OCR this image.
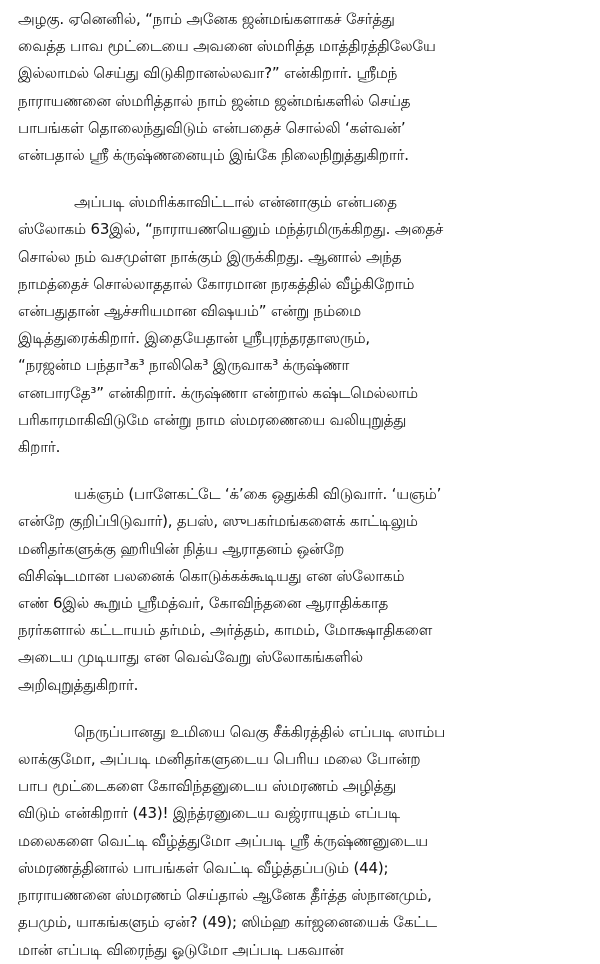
அழகு. ஏனெனில், “நாம் அனேக ஜன்மங்களாகச் சேர்த்து
வைத்த பாவ மூட்டையை அவனை ஸ்மரித்த மாத்திரத்திலேயே
இல்லாமல் செய்து விடுகிறானல்லவா?” என்கிறார். ஸ்ரீமந்
நாராயணனை ஸ்மரித்தால் நாம் ஜன்ம ஜன்மங்களில் செய்த
பாபங்கள் தொலைந்துவிடும் என்பதைச் சொல்லி ‘கள்வன்’
என்பதால் ஸ்ரீ க்ருஷ்ணனையும் இங்கே நிலைநிறுத்துகிறார்.
அப்படி ஸ்மரிக்காவிட்டால் என்னாகும் என்பதை
ஸ்லோகம் 63இல், “நாராயணயெனும் மந்த்ரமிருக்கிறது. அதைச்
சொல்ல நம் வசமுள்ள நாக்கும் இருக்கிறது. ஆனால் அந்த
நாமத்தைச் சொல்லாததால் கோரமான நரகத்தில் வீழ்கிறோம்
என்பதுதான் ஆச்சரியமான விஷயம்” என்று நம்மை
இடித்துரைக்கிறார். இதையேதான் ஸ்ரீபுரந்தரதாஸரும்,
“நரஜன்ம பந்தா³க³ நாலிகெ³ இருவாக³ க்ருஷ்ணா
எனபாரதே³” என்கிறார். க்ருஷ்ணா என்றால் கஷ்டமெல்லாம்
பரிகாரமாகிவிடுமே என்று நாம ஸ்மரணையை வலியுறுத்து
கிறார்.
யக்ஞம் (பாளேகட்டே ‘க்’கை ஒதுக்கி விடுவார். ‘யஞம்’
என்றே குறிப்பிடுவார்), தபஸ், ஸுபகர்மங்களைக் காட்டிலும்
மனிதர்களுக்கு ஹரியின் நித்ய ஆராதனம் ஒன்றே
விசிஷ்டமான பலனைக் கொடுக்கக்கூடியது என ஸ்லோகம்
எண் 6இல் கூறும் ஸ்ரீமத்வர், கோவிந்தனை ஆராதிக்காத
நரர்களால் கட்டாயம் தர்மம், அர்த்தம், காமம், மோக்ஷாதிகளை
அடைய முடியாது என வெவ்வேறு ஸ்லோகங்களில்
அறிவுறுத்துகிறார்.
நெருப்பானது உமியை வெகு சீக்கிரத்தில் எப்படி ஸாம்ப
லாக்குமோ, அப்படி மனிதர்களுடைய பெரிய மலை போன்ற
பாப மூட்டைகளை கோவிந்தனுடைய ஸ்மரணம் அழித்து
விடும் என்கிறார் (43)! இந்த்ரனுடைய வஜ்ராயுதம் எப்படி
மலைகளை வெட்டி வீழ்த்துமோ அப்படி ஸ்ரீ க்ருஷ்ணனுடைய
ஸ்மரணத்தினால் பாபங்கள் வெட்டி வீழ்த்தப்படும் (44);
நாராயணனை ஸ்மரணம் செய்தால் ஆனேக தீர்த்த ஸ்நானமும்,
தபமும், யாகங்களும் ஏன்? (49); ஸிம்ஹ கர்ஜனையைக் கேட்ட
மான் எப்படி விரைந்து ஓடுமோ அப்படி பகவான்
